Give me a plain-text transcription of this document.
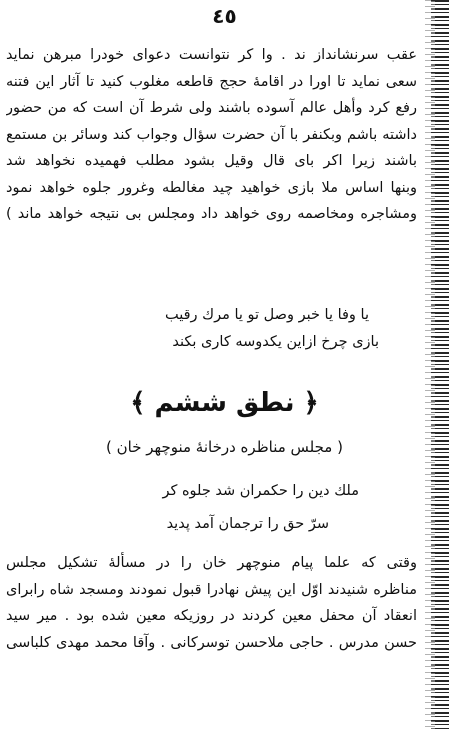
٤٥
عقب سرنشانداز ند . وا کر نتوانست دعوای خودرا مبرهن نماید
سعی نماید تا اورا در اقامهٔ حجج قاطعه مغلوب کنید تا آثار این فتنه
رفع کرد وأهل عالم آسوده باشند ولی شرط آن است که من حضور
داشته باشم وبکنفر با آن حضرت سؤال وجواب کند وسائر بن مستمع
باشند زیرا اکر بای قال وقیل بشود مطلب فهمیده نخواهد شد
وبنها اساس ملا بازی خواهید چید مغالطه وغرور جلوه خواهد نمود
ومشاجره ومخاصمه روی خواهد داد ومجلس بی نتیجه خواهد ماند )
یا وفا یا خبر وصل تو یا مرك رقیب
بازی چرخ ازاین یکدوسه کاری بکند
﴿ نطق ششم ﴾
( مجلس مناظره درخانهٔ منوچهر خان )
ملك دین را حکمران شد جلوه کر
سرّ حق را ترجمان آمد پدید
وقتی که علما پیام منوچهر خان را در مسألهٔ تشکیل مجلس
مناظره شنیدند اوّل این پیش نهادرا قبول نمودند ومسجد شاه رابرای
انعقاد آن محفل معین کردند در روزیکه معین شده بود . میر سید
حسن مدرس . حاجی ملاحسن توسرکانی . وآقا محمد مهدی کلباسی
